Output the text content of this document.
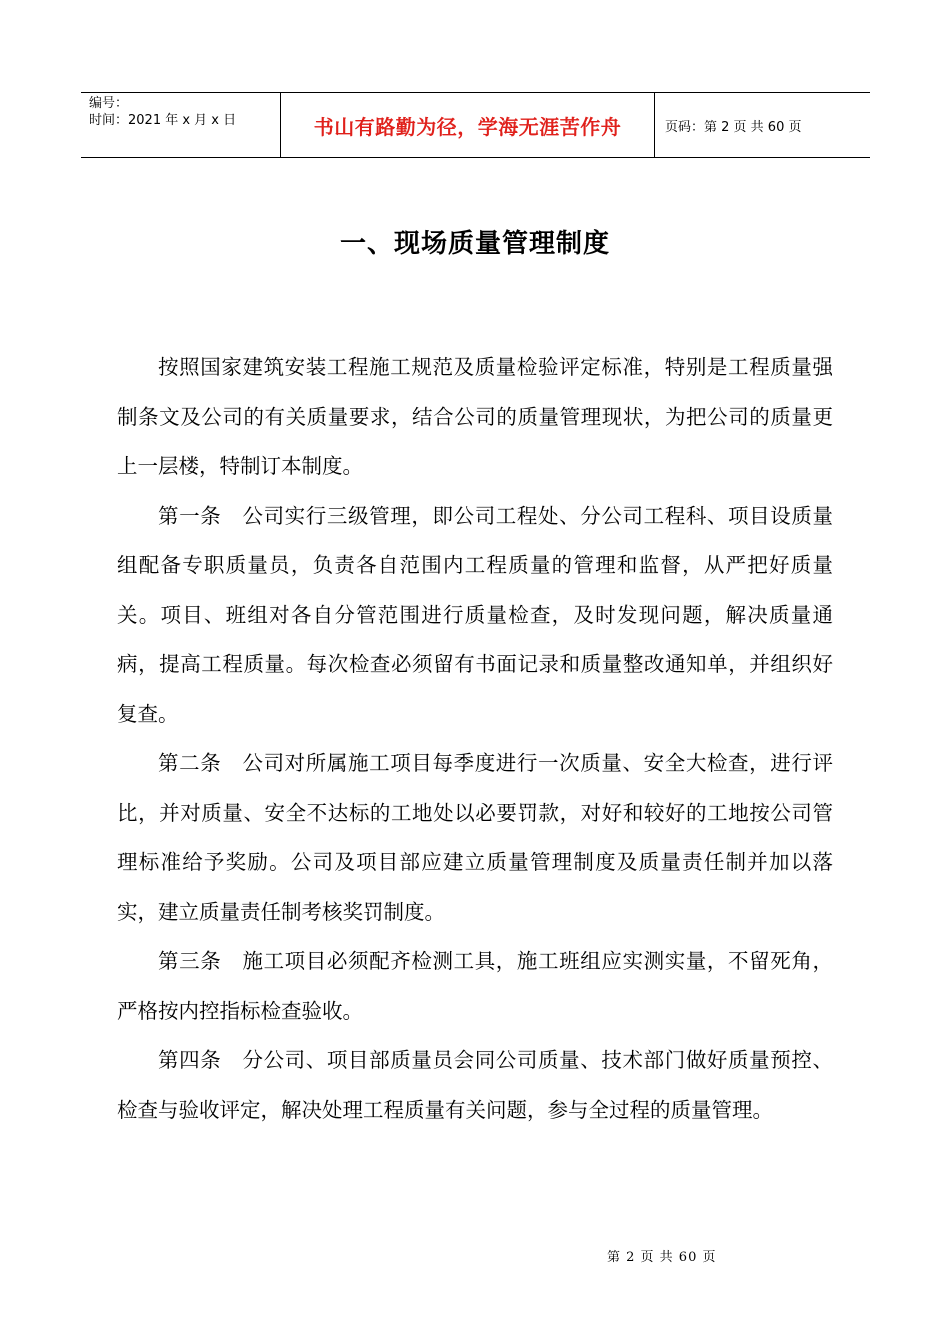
编号：
时间：2021 年 x 月 x 日	书山有路勤为径，学海无涯苦作舟	页码：第 2 页 共 60 页
一、现场质量管理制度

按照国家建筑安装工程施工规范及质量检验评定标准，特别是工程质量强制条文及公司的有关质量要求，结合公司的质量管理现状，为把公司的质量更上一层楼，特制订本制度。

第一条　公司实行三级管理，即公司工程处、分公司工程科、项目设质量组配备专职质量员，负责各自范围内工程质量的管理和监督，从严把好质量关。项目、班组对各自分管范围进行质量检查，及时发现问题，解决质量通病，提高工程质量。每次检查必须留有书面记录和质量整改通知单，并组织好复查。

第二条　公司对所属施工项目每季度进行一次质量、安全大检查，进行评比，并对质量、安全不达标的工地处以必要罚款，对好和较好的工地按公司管理标准给予奖励。公司及项目部应建立质量管理制度及质量责任制并加以落实，建立质量责任制考核奖罚制度。

第三条　施工项目必须配齐检测工具，施工班组应实测实量，不留死角，严格按内控指标检查验收。

第四条　分公司、项目部质量员会同公司质量、技术部门做好质量预控、检查与验收评定，解决处理工程质量有关问题，参与全过程的质量管理。

第 2 页 共 60 页
